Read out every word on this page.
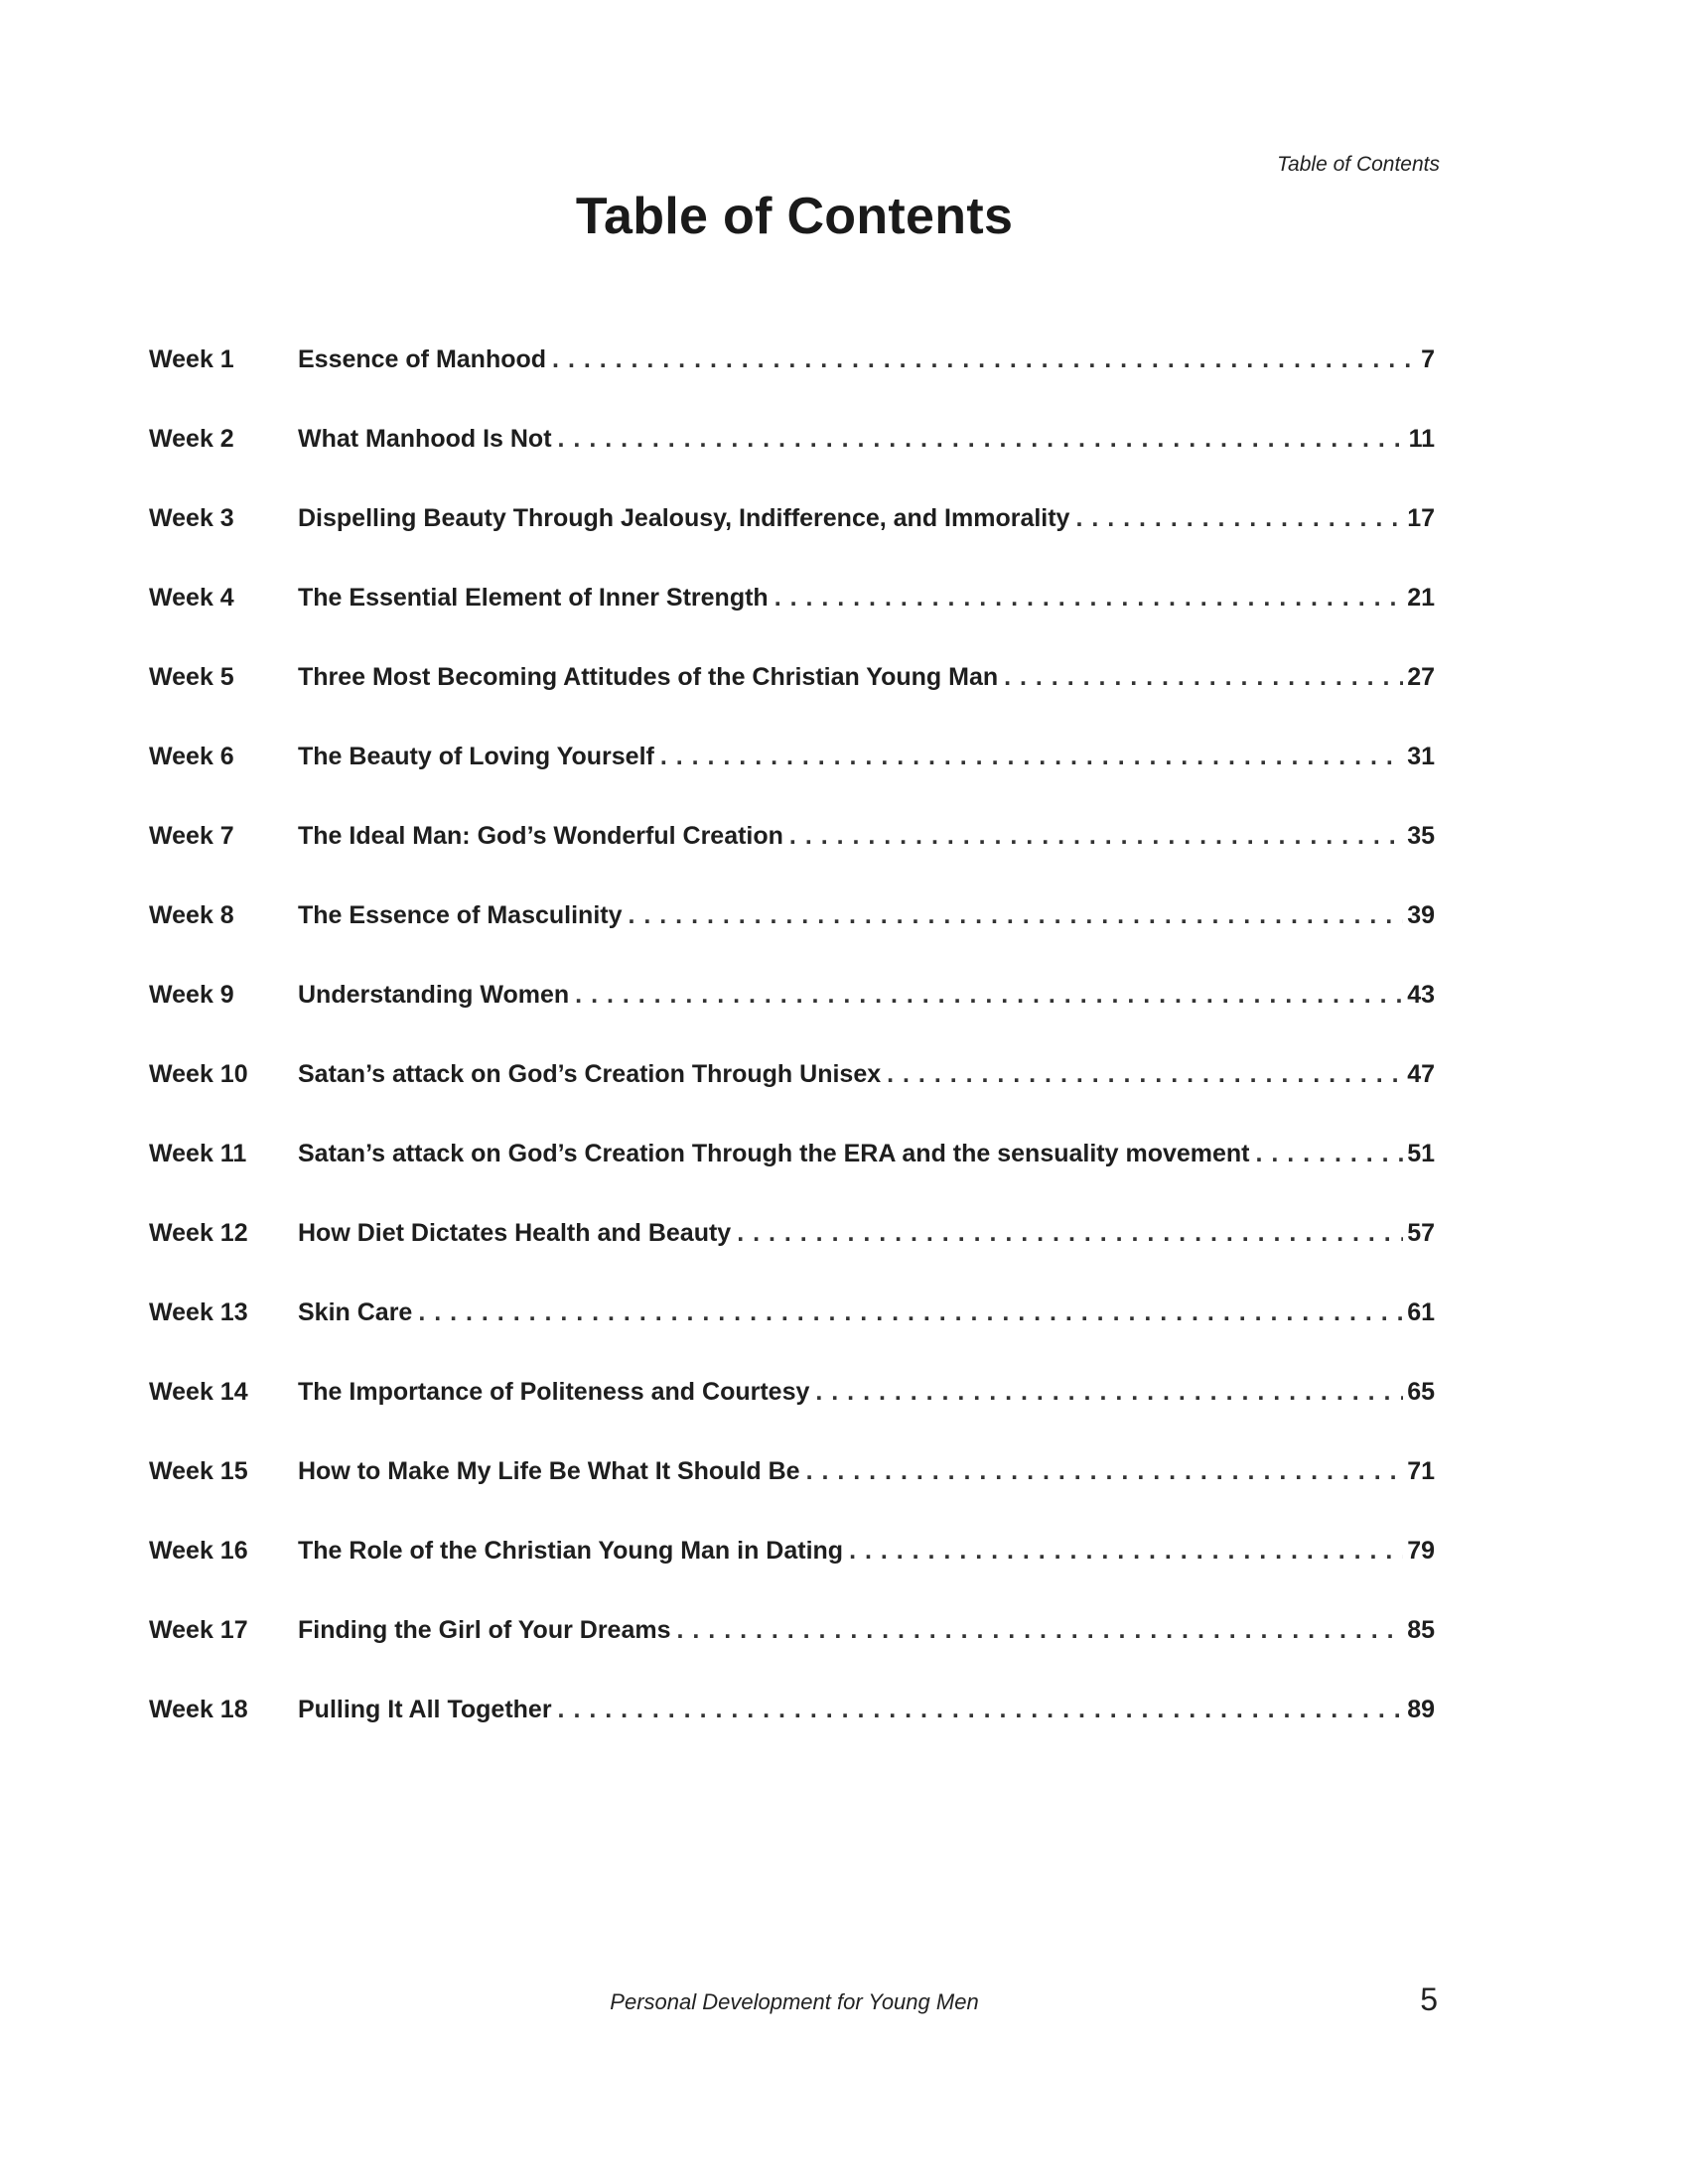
Table of Contents
Table of Contents
Week 1	Essence of Manhood . . .	7
Week 2	What Manhood Is Not . . .	11
Week 3	Dispelling Beauty Through Jealousy, Indifference, and Immorality . . .	17
Week 4	The Essential Element of Inner Strength . . .	21
Week 5	Three Most Becoming Attitudes of the Christian Young Man . . .	27
Week 6	The Beauty of Loving Yourself . . .	31
Week 7	The Ideal Man: God’s Wonderful Creation . . .	35
Week 8	The Essence of Masculinity . . .	39
Week 9	Understanding Women . . .	43
Week 10	Satan’s attack on God’s Creation Through Unisex . . .	47
Week 11	Satan’s attack on God’s Creation Through the ERA and the sensuality movement . . .	51
Week 12	How Diet Dictates Health and Beauty . . .	57
Week 13	Skin Care . . .	61
Week 14	The Importance of Politeness and Courtesy . . .	65
Week 15	How to Make My Life Be What It Should Be . . .	71
Week 16	The Role of the Christian Young Man in Dating . . .	79
Week 17	Finding the Girl of Your Dreams . . .	85
Week 18	Pulling It All Together . . .	89
Personal Development for Young Men	5
